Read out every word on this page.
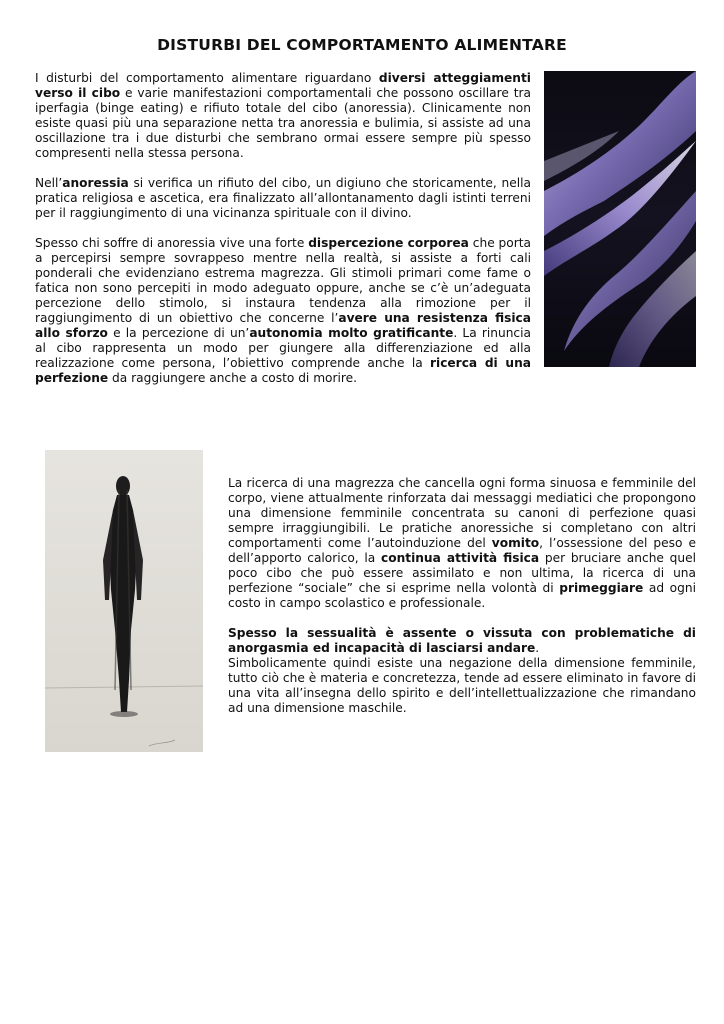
DISTURBI DEL COMPORTAMENTO ALIMENTARE

I disturbi del comportamento alimentare riguardano diversi atteggiamenti verso il cibo e varie manifestazioni comportamentali che possono oscillare tra iperfagia (binge eating) e rifiuto totale del cibo (anoressia). Clinicamente non esiste quasi più una separazione netta tra anoressia e bulimia, si assiste ad una oscillazione tra i due disturbi che sembrano ormai essere sempre più spesso compresenti nella stessa persona.

Nell’anoressia si verifica un rifiuto del cibo, un digiuno che storicamente, nella pratica religiosa e ascetica, era finalizzato all’allontanamento dagli istinti terreni per il raggiungimento di una vicinanza spirituale con il divino.

Spesso chi soffre di anoressia vive una forte dispercezione corporea che porta a percepirsi sempre sovrappeso mentre nella realtà, si assiste a forti cali ponderali che evidenziano estrema magrezza. Gli stimoli primari come fame o fatica non sono percepiti in modo adeguato oppure, anche se c’è un’adeguata percezione dello stimolo, si instaura tendenza alla rimozione per il raggiungimento di un obiettivo che concerne l’avere una resistenza fisica allo sforzo e la percezione di un’autonomia molto gratificante. La rinuncia al cibo rappresenta un modo per giungere alla differenziazione ed alla realizzazione come persona, l’obiettivo comprende anche la ricerca di una perfezione da raggiungere anche a costo di morire.

La ricerca di una magrezza che cancella ogni forma sinuosa e femminile del corpo, viene attualmente rinforzata dai messaggi mediatici che propongono una dimensione femminile concentrata su canoni di perfezione quasi sempre irraggiungibili. Le pratiche anoressiche si completano con altri comportamenti come l’autoinduzione del vomito, l’ossessione del peso e dell’apporto calorico, la continua attività fisica per bruciare anche quel poco cibo che può essere assimilato e non ultima, la ricerca di una perfezione “sociale” che si esprime nella volontà di primeggiare ad ogni costo in campo scolastico e professionale.

Spesso la sessualità è assente o vissuta con problematiche di anorgasmia ed incapacità di lasciarsi andare.

Simbolicamente quindi esiste una negazione della dimensione femminile, tutto ciò che è materia e concretezza, tende ad essere eliminato in favore di una vita all’insegna dello spirito e dell’intellettualizzazione che rimandano ad una dimensione maschile.
